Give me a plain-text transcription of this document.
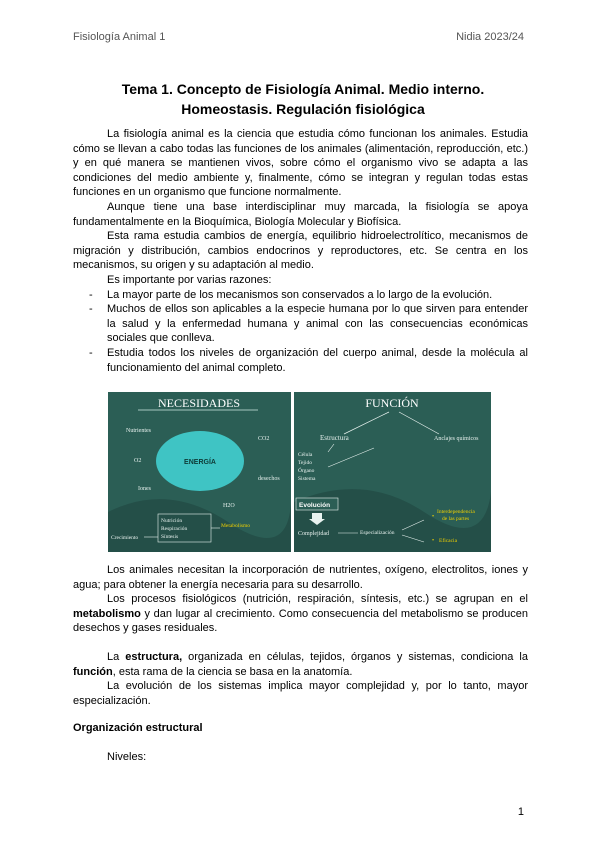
Fisiología Animal 1	Nidia 2023/24
Tema 1. Concepto de Fisiología Animal. Medio interno.
Homeostasis. Regulación fisiológica

La fisiología animal es la ciencia que estudia cómo funcionan los animales. Estudia cómo se llevan a cabo todas las funciones de los animales (alimentación, reproducción, etc.) y en qué manera se mantienen vivos, sobre cómo el organismo vivo se adapta a las condiciones del medio ambiente y, finalmente, cómo se integran y regulan todas estas funciones en un organismo que funcione normalmente.

Aunque tiene una base interdisciplinar muy marcada, la fisiología se apoya fundamentalmente en la Bioquímica, Biología Molecular y Biofísica.

Esta rama estudia cambios de energía, equilibrio hidroelectrolítico, mecanismos de migración y distribución, cambios endocrinos y reproductores, etc. Se centra en los mecanismos, su origen y su adaptación al medio.

Es importante por varias razones:

- La mayor parte de los mecanismos son conservados a lo largo de la evolución.
- Muchos de ellos son aplicables a la especie humana por lo que sirven para entender la salud y la enfermedad humana y animal con las consecuencias económicas sociales que conlleva.
- Estudia todos los niveles de organización del cuerpo animal, desde la molécula al funcionamiento del animal completo.
NECESIDADES
ENERGÍA
Nutrientes
CO2
O2
Iones
desechos
H2O
Nutrición
Respiración
Síntesis
Metabolismo
Crecimiento
FUNCIÓN
Estructura	Anclajes químicos
Célula
Tejido
Órgano
Sistema
Evolución
Complejidad	Especialización
Interdependencia
de las partes
•
• Eficacia

Los animales necesitan la incorporación de nutrientes, oxígeno, electrolitos, iones y agua; para obtener la energía necesaria para su desarrollo.

Los procesos fisiológicos (nutrición, respiración, síntesis, etc.) se agrupan en el metabolismo y dan lugar al crecimiento. Como consecuencia del metabolismo se producen desechos y gases residuales.

La estructura, organizada en células, tejidos, órganos y sistemas, condiciona la función, esta rama de la ciencia se basa en la anatomía.

La evolución de los sistemas implica mayor complejidad y, por lo tanto, mayor especialización.

Organización estructural

Niveles:

1
